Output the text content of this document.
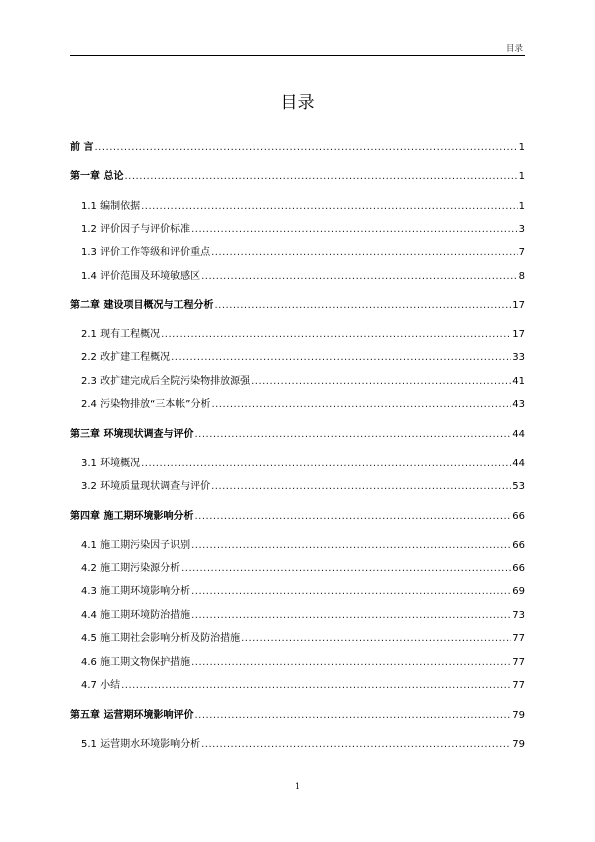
目录
目录
前 言 .....	1
第一章 总论 .....	1
1.1 编制依据 .....	1
1.2 评价因子与评价标准 .....	3
1.3 评价工作等级和评价重点 .....	7
1.4 评价范围及环境敏感区 .....	8
第二章 建设项目概况与工程分析 .....	17
2.1 现有工程概况 .....	17
2.2 改扩建工程概况 .....	33
2.3 改扩建完成后全院污染物排放源强 .....	41
2.4 污染物排放“三本帐”分析 .....	43
第三章 环境现状调查与评价 .....	44
3.1 环境概况 .....	44
3.2 环境质量现状调查与评价 .....	53
第四章 施工期环境影响分析 .....	66
4.1 施工期污染因子识别 .....	66
4.2 施工期污染源分析 .....	66
4.3 施工期环境影响分析 .....	69
4.4 施工期环境防治措施 .....	73
4.5 施工期社会影响分析及防治措施 .....	77
4.6 施工期文物保护措施 .....	77
4.7 小结 .....	77
第五章 运营期环境影响评价 .....	79
5.1 运营期水环境影响分析 .....	79
1
